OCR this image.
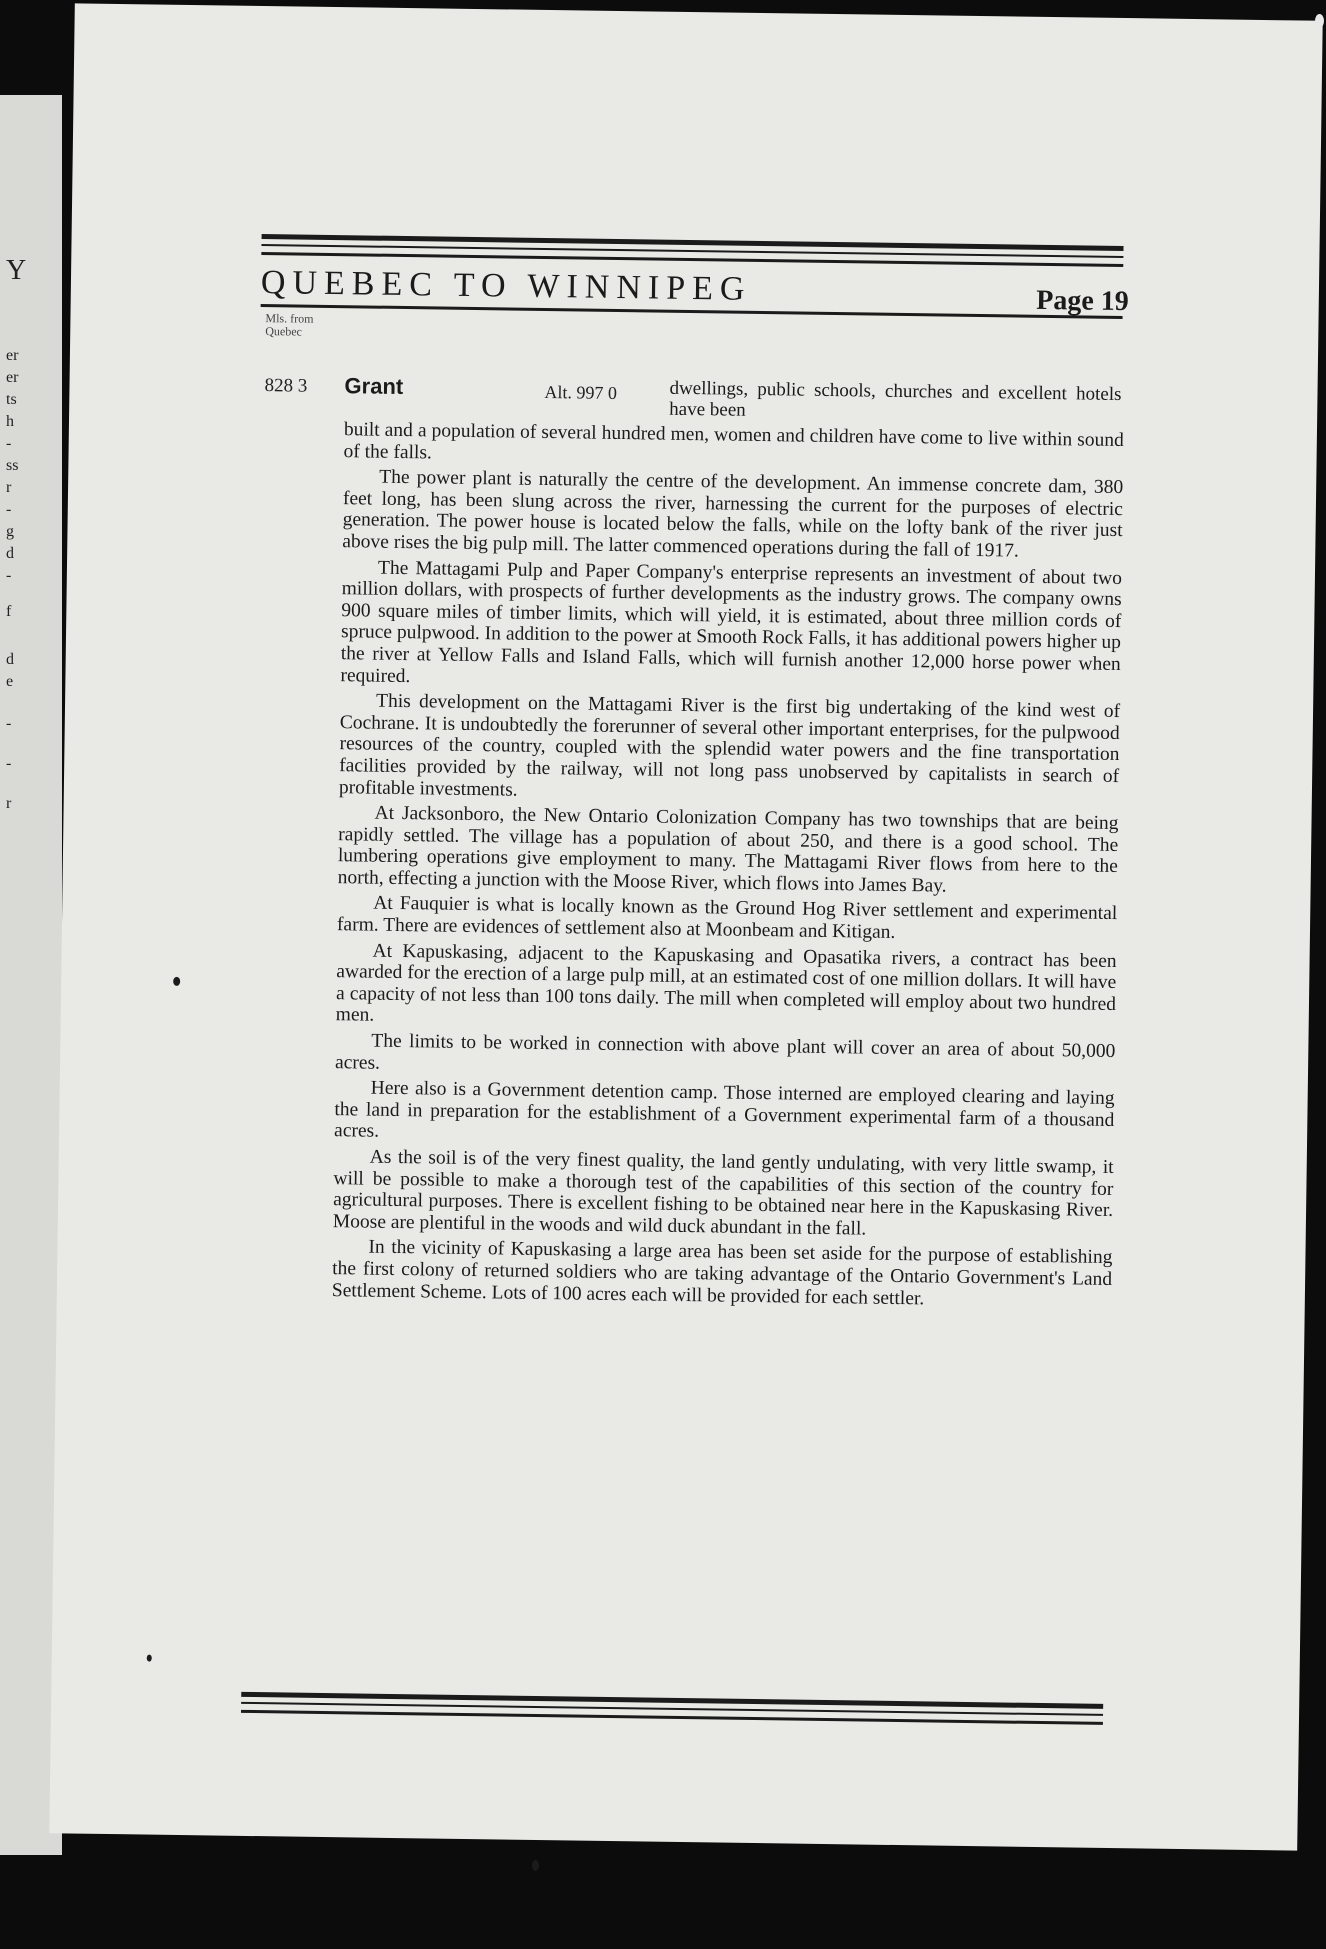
Y
er
er
ts
h
-
ss
r
-
g
d
-
f
d
e
-
-
r
QUEBEC TO WINNIPEG	Page 19
Mls. from Quebec
828 3 Grant	Alt. 997 0	dwellings, public schools, churches and excellent hotels have been

built and a population of several hundred men, women and children have come to live within sound of the falls.

The power plant is naturally the centre of the development. An immense concrete dam, 380 feet long, has been slung across the river, harnessing the current for the purposes of electric generation. The power house is located below the falls, while on the lofty bank of the river just above rises the big pulp mill. The latter commenced operations during the fall of 1917.

The Mattagami Pulp and Paper Company's enterprise represents an investment of about two million dollars, with prospects of further developments as the industry grows. The company owns 900 square miles of timber limits, which will yield, it is estimated, about three million cords of spruce pulpwood. In addition to the power at Smooth Rock Falls, it has additional powers higher up the river at Yellow Falls and Island Falls, which will furnish another 12,000 horse power when required.

This development on the Mattagami River is the first big undertaking of the kind west of Cochrane. It is undoubtedly the forerunner of several other important enterprises, for the pulpwood resources of the country, coupled with the splendid water powers and the fine transportation facilities provided by the railway, will not long pass unobserved by capitalists in search of profitable investments.

At Jacksonboro, the New Ontario Colonization Company has two townships that are being rapidly settled. The village has a population of about 250, and there is a good school. The lumbering operations give employment to many. The Mattagami River flows from here to the north, effecting a junction with the Moose River, which flows into James Bay.

At Fauquier is what is locally known as the Ground Hog River settlement and experimental farm. There are evidences of settlement also at Moonbeam and Kitigan.

At Kapuskasing, adjacent to the Kapuskasing and Opasatika rivers, a contract has been awarded for the erection of a large pulp mill, at an estimated cost of one million dollars. It will have a capacity of not less than 100 tons daily. The mill when completed will employ about two hundred men.

The limits to be worked in connection with above plant will cover an area of about 50,000 acres.

Here also is a Government detention camp. Those interned are employed clearing and laying the land in preparation for the establishment of a Government experimental farm of a thousand acres.

As the soil is of the very finest quality, the land gently undulating, with very little swamp, it will be possible to make a thorough test of the capabilities of this section of the country for agricultural purposes. There is excellent fishing to be obtained near here in the Kapuskasing River. Moose are plentiful in the woods and wild duck abundant in the fall.

In the vicinity of Kapuskasing a large area has been set aside for the purpose of establishing the first colony of returned soldiers who are taking advantage of the Ontario Government's Land Settlement Scheme. Lots of 100 acres each will be provided for each settler.
